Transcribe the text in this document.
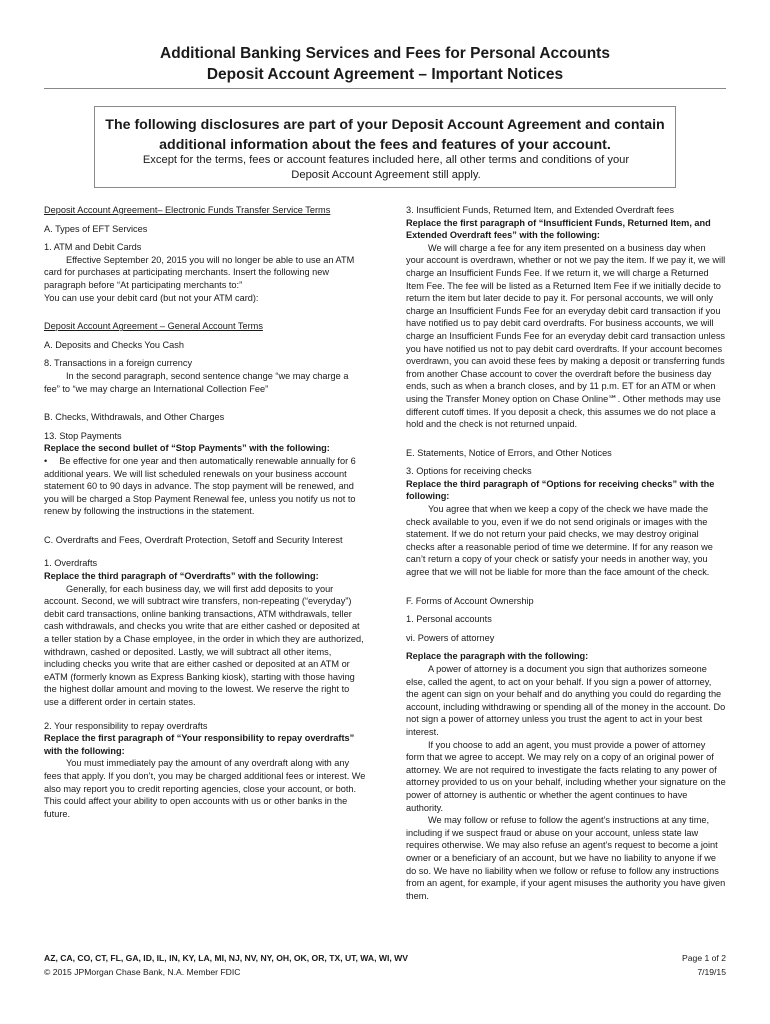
Additional Banking Services and Fees for Personal Accounts
Deposit Account Agreement – Important Notices
The following disclosures are part of your Deposit Account Agreement and contain
additional information about the fees and features of your account.
Except for the terms, fees or account features included here, all other terms and conditions of your Deposit Account Agreement still apply.
Deposit Account Agreement– Electronic Funds Transfer Service Terms
A. Types of EFT Services
1. ATM and Debit Cards
Effective September 20, 2015 you will no longer be able to use an ATM card for purchases at participating merchants. Insert the following new paragraph before “At participating merchants to:”
You can use your debit card (but not your ATM card):
Deposit Account Agreement – General Account Terms
A. Deposits and Checks You Cash
8. Transactions in a foreign currency
In the second paragraph, second sentence change “we may charge a fee” to “we may charge an International Collection Fee”
B. Checks, Withdrawals, and Other Charges
13. Stop Payments
Replace the second bullet of “Stop Payments” with the following:
• Be effective for one year and then automatically renewable annually for 6 additional years. We will list scheduled renewals on your business account statement 60 to 90 days in advance. The stop payment will be renewed, and you will be charged a Stop Payment Renewal fee, unless you notify us not to renew by following the instructions in the statement.
C. Overdrafts and Fees, Overdraft Protection, Setoff and Security Interest
1. Overdrafts
Replace the third paragraph of “Overdrafts” with the following:
Generally, for each business day, we will first add deposits to your account. Second, we will subtract wire transfers, non-repeating (“everyday”) debit card transactions, online banking transactions, ATM withdrawals, teller cash withdrawals, and checks you write that are either cashed or deposited at a teller station by a Chase employee, in the order in which they are authorized, withdrawn, cashed or deposited. Lastly, we will subtract all other items, including checks you write that are either cashed or deposited at an ATM or eATM (formerly known as Express Banking kiosk), starting with those having the highest dollar amount and moving to the lowest. We reserve the right to use a different order in certain states.
2. Your responsibility to repay overdrafts
Replace the first paragraph of “Your responsibility to repay overdrafts” with the following:
You must immediately pay the amount of any overdraft along with any fees that apply. If you don’t, you may be charged additional fees or interest. We also may report you to credit reporting agencies, close your account, or both. This could affect your ability to open accounts with us or other banks in the future.
3. Insufficient Funds, Returned Item, and Extended Overdraft fees
Replace the first paragraph of “Insufficient Funds, Returned Item, and Extended Overdraft fees” with the following:
We will charge a fee for any item presented on a business day when your account is overdrawn, whether or not we pay the item. If we pay it, we will charge an Insufficient Funds Fee. If we return it, we will charge a Returned Item Fee. The fee will be listed as a Returned Item Fee if we initially decide to return the item but later decide to pay it. For personal accounts, we will only charge an Insufficient Funds Fee for an everyday debit card transaction if you have notified us to pay debit card overdrafts. For business accounts, we will charge an Insufficient Funds Fee for an everyday debit card transaction unless you have notified us not to pay debit card overdrafts. If your account becomes overdrawn, you can avoid these fees by making a deposit or transferring funds from another Chase account to cover the overdraft before the business day ends, such as when a branch closes, and by 11 p.m. ET for an ATM or when using the Transfer Money option on Chase Online℠. Other methods may use different cutoff times. If you deposit a check, this assumes we do not place a hold and the check is not returned unpaid.
E. Statements, Notice of Errors, and Other Notices
3. Options for receiving checks
Replace the third paragraph of “Options for receiving checks” with the following:
You agree that when we keep a copy of the check we have made the check available to you, even if we do not send originals or images with the statement. If we do not return your paid checks, we may destroy original checks after a reasonable period of time we determine. If for any reason we can’t return a copy of your check or satisfy your needs in another way, you agree that we will not be liable for more than the face amount of the check.
F. Forms of Account Ownership
1. Personal accounts
vi. Powers of attorney
Replace the paragraph with the following:
A power of attorney is a document you sign that authorizes someone else, called the agent, to act on your behalf. If you sign a power of attorney, the agent can sign on your behalf and do anything you could do regarding the account, including withdrawing or spending all of the money in the account. Do not sign a power of attorney unless you trust the agent to act in your best interest.
If you choose to add an agent, you must provide a power of attorney form that we agree to accept. We may rely on a copy of an original power of attorney. We are not required to investigate the facts relating to any power of attorney provided to us on your behalf, including whether your signature on the power of attorney is authentic or whether the agent continues to have authority.
We may follow or refuse to follow the agent’s instructions at any time, including if we suspect fraud or abuse on your account, unless state law requires otherwise. We may also refuse an agent’s request to become a joint owner or a beneficiary of an account, but we have no liability to anyone if we do so. We have no liability when we follow or refuse to follow any instructions from an agent, for example, if your agent misuses the authority you have given them.
AZ, CA, CO, CT, FL, GA, ID, IL, IN, KY, LA, MI, NJ, NV, NY, OH, OK, OR, TX, UT, WA, WI, WV
© 2015 JPMorgan Chase Bank, N.A. Member FDIC
Page 1 of 2
7/19/15
